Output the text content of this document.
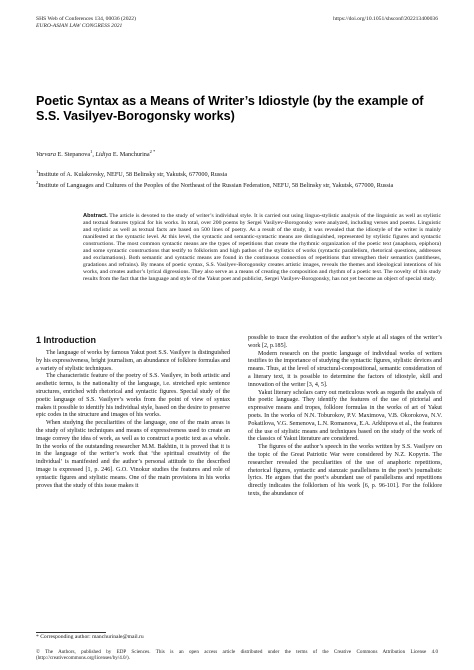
SHS Web of Conferences 134, 00036 (2022)
EURO-ASIAN LAW CONGRESS 2021
https://doi.org/10.1051/shsconf/202213400036
Poetic Syntax as a Means of Writer’s Idiostyle (by the example of S.S. Vasilyev-Borogonsky works)
Varvara E. Stepanova$^1$, Lidiya E. Manchurina$^{2 *}$
$^1$Institute of A. Kulakovsky, NEFU, 58 Belinsky str, Yakutsk, 677000, Russia
$^2$Institute of Languages and Cultures of the Peoples of the Northeast of the Russian Federation, NEFU, 58 Belinsky str, Yakutsk, 677000, Russia

Abstract. The article is devoted to the study of writer’s individual style. It is carried out using linguo-stylistic analysis of the linguistic as well as stylistic and textual features typical for his works. In total, over 200 poems by Sergei Vasilyev-Borogonsky were analyzed, including verses and poems. Linguistic and stylistic as well as textual facts are based on 500 lines of poetry. As a result of the study, it was revealed that the idiostyle of the writer is mainly manifested at the syntactic level. At this level, the syntactic and semantic-syntactic means are distinguished, represented by stylistic figures and syntactic constructions. The most common syntactic means are the types of repetitions that create the rhythmic organization of the poetic text (anaphora, epiphora) and some syntactic constructions that testify to folklorism and high pathos of the stylistics of works (syntactic parallelism, rhetorical questions, addresses and exclamations). Both semantic and syntactic means are found in the continuous connection of repetitions that strengthen their semantics (antitheses, gradations and refrains). By means of poetic syntax, S.S. Vasilyev-Borogonsky creates artistic images, reveals the themes and ideological intentions of his works, and creates author’s lyrical digressions. They also serve as a means of creating the composition and rhythm of a poetic text. The novelty of this study results from the fact that the language and style of the Yakut poet and publicist, Sergei Vasilyev-Borogonsky, has not yet become an object of special study.

1 Introduction

The language of works by famous Yakut poet S.S. Vasilyev is distinguished by his expressiveness, bright journalism, an abundance of folklore formulas and a variety of stylistic techniques.

The characteristic feature of the poetry of S.S. Vasilyev, in both artistic and aesthetic terms, is the nationality of the language, i.e. stretched epic sentence structures, enriched with rhetorical and syntactic figures. Special study of the poetic language of S.S. Vasilyev’s works from the point of view of syntax makes it possible to identify his individual style, based on the desire to preserve epic codes in the structure and images of his works.

When studying the peculiarities of the language, one of the main areas is the study of stylistic techniques and means of expressiveness used to create an image convey the idea of work, as well as to construct a poetic text as a whole. In the works of the outstanding researcher M.M. Bakhtin, it is proved that it is in the language of the writer’s work that ‘the spiritual creativity of the individual’ is manifested and the author’s personal attitude to the described image is expressed [1, p. 246]. G.O. Vinokur studies the features and role of syntactic figures and stylistic means. One of the main provisions in his works proves that the study of this issue makes it

possible to trace the evolution of the author’s style at all stages of the writer’s work [2, p.185].

Modern research on the poetic language of individual works of writers testifies to the importance of studying the syntactic figures, stylistic devices and means. Thus, at the level of structural-compositional, semantic consideration of a literary text, it is possible to determine the factors of idiostyle, skill and innovation of the writer [3, 4, 5].

Yakut literary scholars carry out meticulous work as regards the analysis of the poetic language. They identify the features of the use of pictorial and expressive means and tropes, folklore formulas in the works of art of Yakut poets. In the works of N.N. Toburokov, P.V. Maximova, V.B. Okorokova, N.V. Pokatilova, V.G. Semenova, L.N. Romanova, E.A. Arkhipova et al., the features of the use of stylistic means and techniques based on the study of the work of the classics of Yakut literature are considered.

The figures of the author’s speech in the works written by S.S. Vasilyev on the topic of the Great Patriotic War were considered by N.Z. Kopyrin. The researcher revealed the peculiarities of the use of anaphoric repetitions, rhetorical figures, syntactic and stanzaic parallelisms in the poet’s journalistic lyrics. He argues that the poet’s abundant use of parallelisms and repetitions directly indicates the folklorism of his work [6, p. 96-101]. For the folklore texts, the abundance of

* Corresponding author: manchurinale@mail.ru
© The Authors, published by EDP Sciences. This is an open access article distributed under the terms of the Creative Commons Attribution License 4.0 (http://creativecommons.org/licenses/by/4.0/).
